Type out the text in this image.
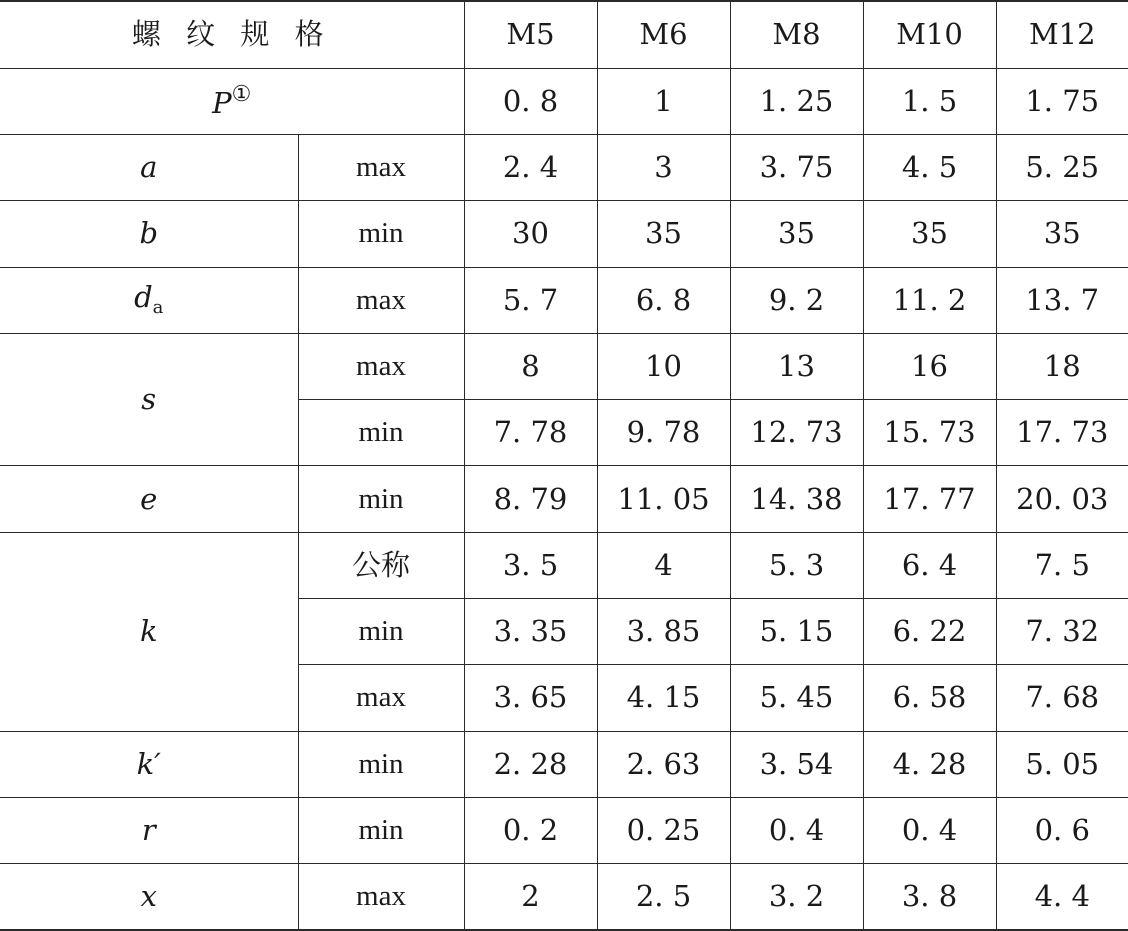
螺 纹 规 格		M5	M6	M8	M10	M12
P①		0. 8	1	1. 25	1. 5	1. 75
a	max	2. 4	3	3. 75	4. 5	5. 25
b	min	30	35	35	35	35
$d_a$	max	5. 7	6. 8	9. 2	11. 2	13. 7
s	max	8	10	13	16	18
	min	7. 78	9. 78	12. 73	15. 73	17. 73
e	min	8. 79	11. 05	14. 38	17. 77	20. 03
k	公称	3. 5	4	5. 3	6. 4	7. 5
	min	3. 35	3. 85	5. 15	6. 22	7. 32
	max	3. 65	4. 15	5. 45	6. 58	7. 68
k′	min	2. 28	2. 63	3. 54	4. 28	5. 05
r	min	0. 2	0. 25	0. 4	0. 4	0. 6
x	max	2	2. 5	3. 2	3. 8	4. 4
